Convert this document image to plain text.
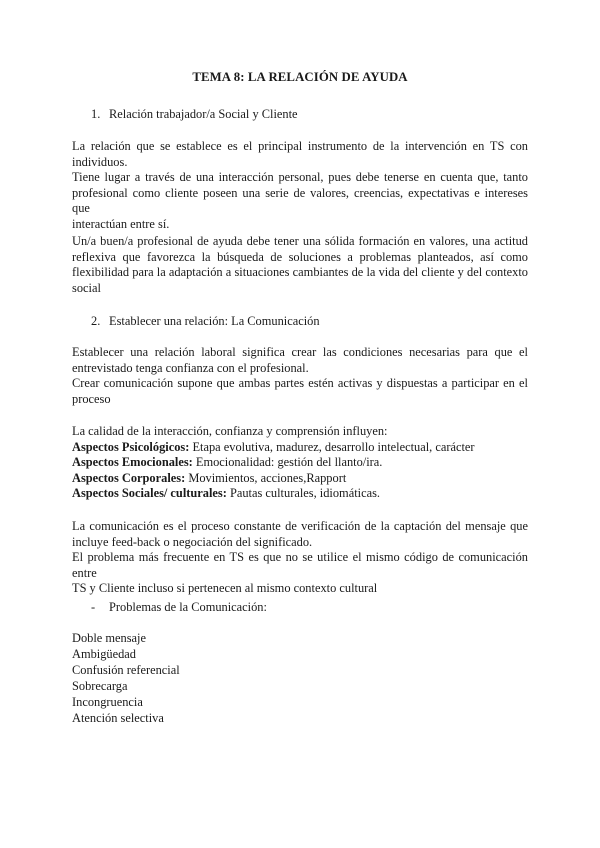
TEMA 8: LA RELACIÓN DE AYUDA
1. Relación trabajador/a Social y Cliente
La relación que se establece es el principal instrumento de la intervención en TS con
individuos.
Tiene lugar a través de una interacción personal, pues debe tenerse en cuenta que, tanto
profesional como cliente poseen una serie de valores, creencias, expectativas e intereses que
interactúan entre sí.
Un/a buen/a profesional de ayuda debe tener una sólida formación en valores, una actitud
reflexiva que favorezca la búsqueda de soluciones a problemas planteados, así como
flexibilidad para la adaptación a situaciones cambiantes de la vida del cliente y del contexto
social
2. Establecer una relación: La Comunicación
Establecer una relación laboral significa crear las condiciones necesarias para que el
entrevistado tenga confianza con el profesional.
Crear comunicación supone que ambas partes estén activas y dispuestas a participar en el
proceso
La calidad de la interacción, confianza y comprensión influyen:
Aspectos Psicológicos: Etapa evolutiva, madurez, desarrollo intelectual, carácter
Aspectos Emocionales: Emocionalidad: gestión del llanto/ira.
Aspectos Corporales: Movimientos, acciones,Rapport
Aspectos Sociales/ culturales: Pautas culturales, idiomáticas.
La comunicación es el proceso constante de verificación de la captación del mensaje que
incluye feed-back o negociación del significado.
El problema más frecuente en TS es que no se utilice el mismo código de comunicación entre
TS y Cliente incluso si pertenecen al mismo contexto cultural
- Problemas de la Comunicación:
Doble mensaje
Ambigüedad
Confusión referencial
Sobrecarga
Incongruencia
Atención selectiva
